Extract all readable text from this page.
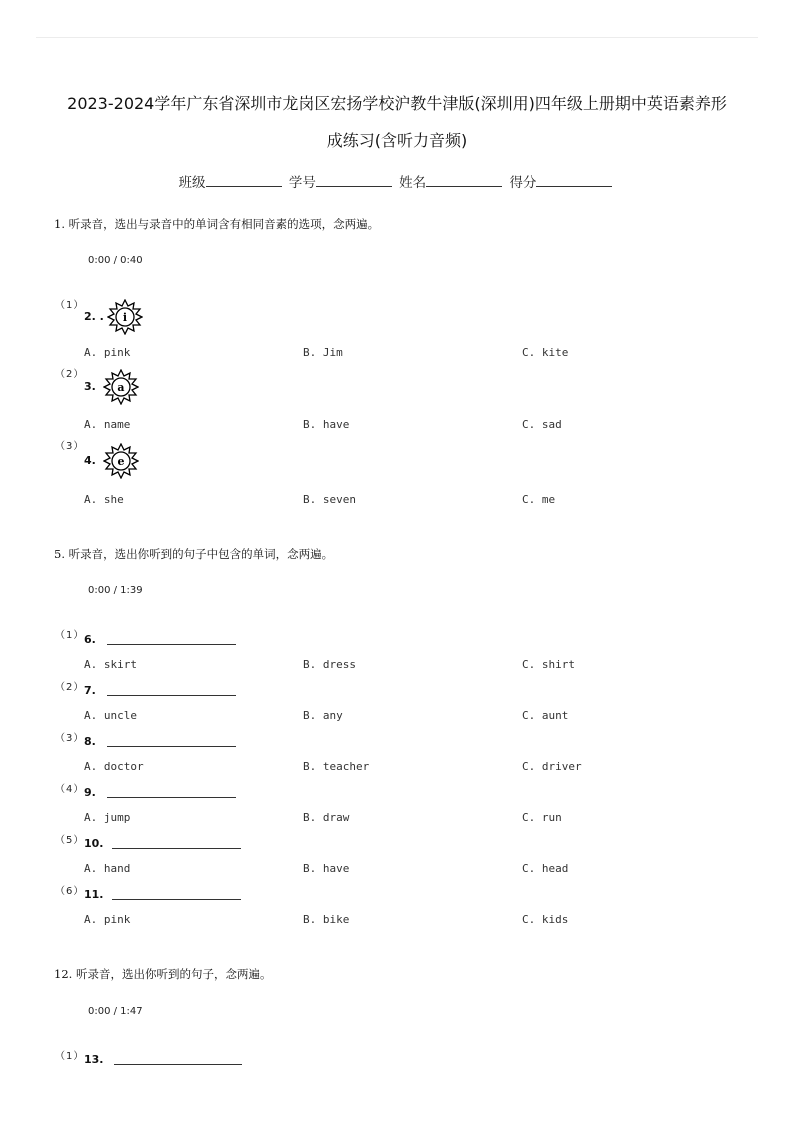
2023-2024学年广东省深圳市龙岗区宏扬学校沪教牛津版(深圳用)四年级上册期中英语素养形
成练习(含听力音频)
班级	学号	姓名	得分
1. 听录音，选出与录音中的单词含有相同音素的选项，念两遍。
0:00 / 0:40
（1）
2. . i
A. pink	B. Jim	C. kite
（2）
3. a
A. name	B. have	C. sad
（3）
4. e
A. she	B. seven	C. me
5. 听录音，选出你听到的句子中包含的单词，念两遍。
0:00 / 1:39
（1） 6.
A. skirt	B. dress	C. shirt
（2） 7.
A. uncle	B. any	C. aunt
（3） 8.
A. doctor	B. teacher	C. driver
（4） 9.
A. jump	B. draw	C. run
（5） 10.
A. hand	B. have	C. head
（6） 11.
A. pink	B. bike	C. kids
12. 听录音，选出你听到的句子，念两遍。
0:00 / 1:47
（1） 13.
